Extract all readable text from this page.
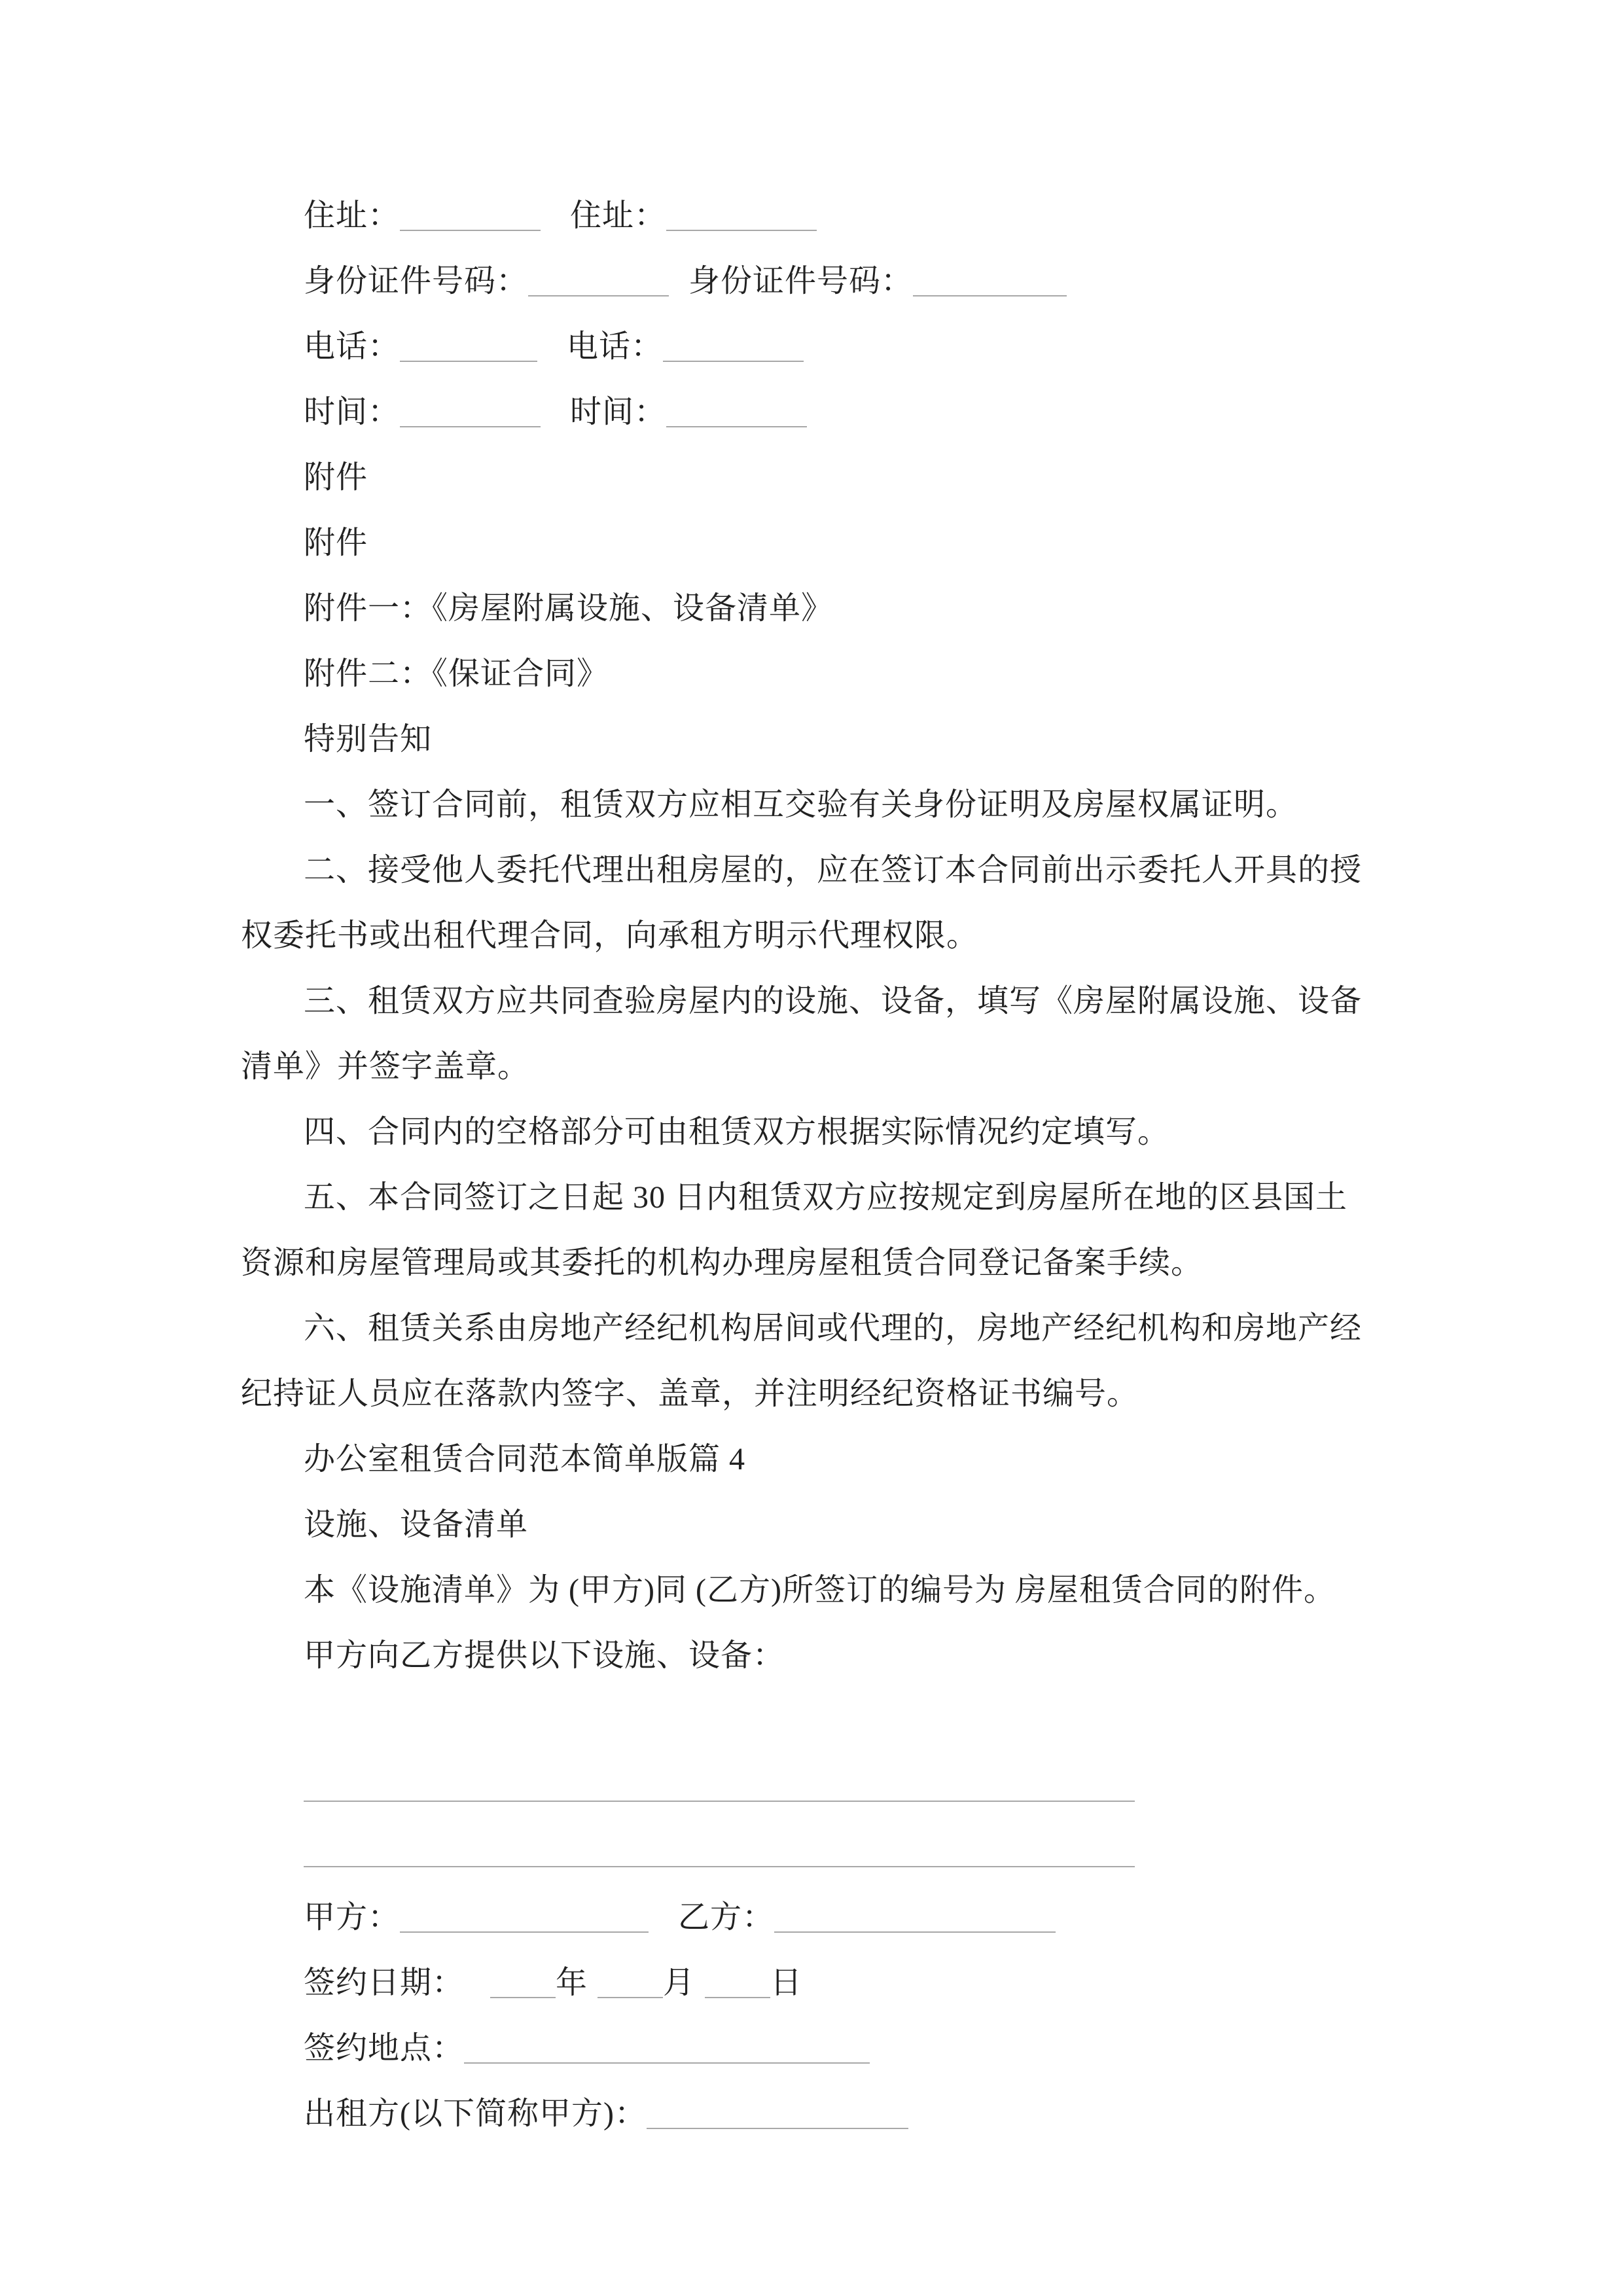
住址：	住址：
身份证件号码：	身份证件号码：
电话：	电话：
时间：	时间：
附件
附件
附件一：《房屋附属设施、设备清单》
附件二：《保证合同》
特别告知
一、签订合同前，租赁双方应相互交验有关身份证明及房屋权属证明。
二、接受他人委托代理出租房屋的，应在签订本合同前出示委托人开具的授
权委托书或出租代理合同，向承租方明示代理权限。
三、租赁双方应共同查验房屋内的设施、设备，填写《房屋附属设施、设备
清单》并签字盖章。
四、合同内的空格部分可由租赁双方根据实际情况约定填写。
五、本合同签订之日起 30 日内租赁双方应按规定到房屋所在地的区县国土
资源和房屋管理局或其委托的机构办理房屋租赁合同登记备案手续。
六、租赁关系由房地产经纪机构居间或代理的，房地产经纪机构和房地产经
纪持证人员应在落款内签字、盖章，并注明经纪资格证书编号。
办公室租赁合同范本简单版篇 4
设施、设备清单
本《设施清单》为 (甲方)同 (乙方)所签订的编号为 房屋租赁合同的附件。
甲方向乙方提供以下设施、设备：
甲方：	乙方：
签约日期：	年 月 日
签约地点：
出租方(以下简称甲方)：
